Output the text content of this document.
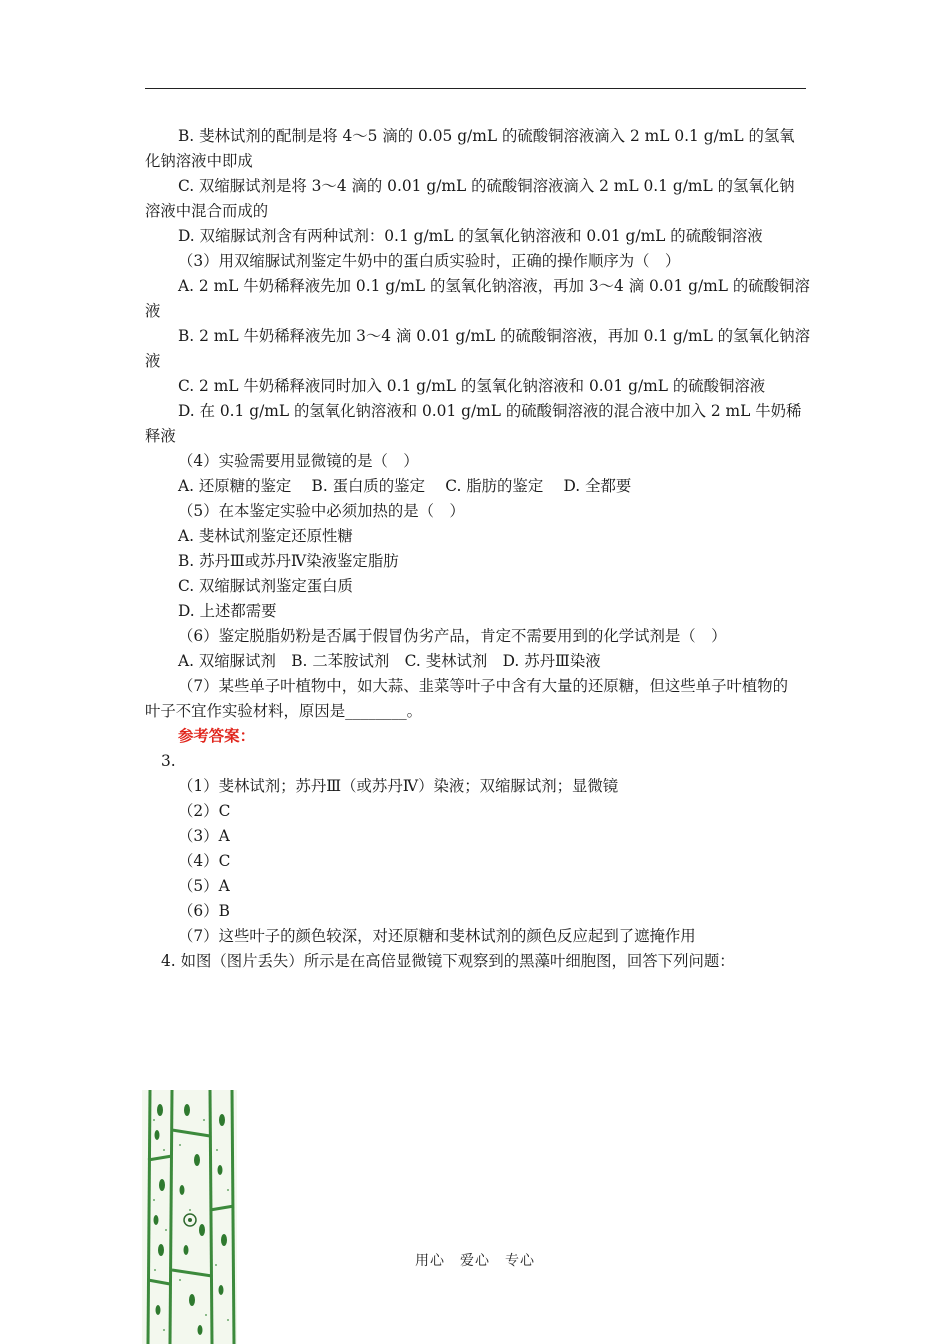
B. 斐林试剂的配制是将 4～5 滴的 0.05 g/mL 的硫酸铜溶液滴入 2 mL 0.1 g/mL 的氢氧
化钠溶液中即成
C. 双缩脲试剂是将 3～4 滴的 0.01 g/mL 的硫酸铜溶液滴入 2 mL 0.1 g/mL 的氢氧化钠
溶液中混合而成的
D. 双缩脲试剂含有两种试剂：0.1 g/mL 的氢氧化钠溶液和 0.01 g/mL 的硫酸铜溶液
（3）用双缩脲试剂鉴定牛奶中的蛋白质实验时，正确的操作顺序为（　）
A. 2 mL 牛奶稀释液先加 0.1 g/mL 的氢氧化钠溶液，再加 3～4 滴 0.01 g/mL 的硫酸铜溶
液
B. 2 mL 牛奶稀释液先加 3～4 滴 0.01 g/mL 的硫酸铜溶液，再加 0.1 g/mL 的氢氧化钠溶
液
C. 2 mL 牛奶稀释液同时加入 0.1 g/mL 的氢氧化钠溶液和 0.01 g/mL 的硫酸铜溶液
D. 在 0.1 g/mL 的氢氧化钠溶液和 0.01 g/mL 的硫酸铜溶液的混合液中加入 2 mL 牛奶稀
释液
（4）实验需要用显微镜的是（　）
A. 还原糖的鉴定　 B. 蛋白质的鉴定　 C. 脂肪的鉴定　 D. 全都要
（5）在本鉴定实验中必须加热的是（　）
A. 斐林试剂鉴定还原性糖
B. 苏丹Ⅲ或苏丹Ⅳ染液鉴定脂肪
C. 双缩脲试剂鉴定蛋白质
D. 上述都需要
（6）鉴定脱脂奶粉是否属于假冒伪劣产品，肯定不需要用到的化学试剂是（　）
A. 双缩脲试剂　B. 二苯胺试剂　C. 斐林试剂　D. 苏丹Ⅲ染液
（7）某些单子叶植物中，如大蒜、韭菜等叶子中含有大量的还原糖，但这些单子叶植物的
叶子不宜作实验材料，原因是________。
参考答案：
3.
（1）斐林试剂；苏丹Ⅲ（或苏丹Ⅳ）染液；双缩脲试剂；显微镜
（2）C
（3）A
（4）C
（5）A
（6）B
（7）这些叶子的颜色较深，对还原糖和斐林试剂的颜色反应起到了遮掩作用
4. 如图（图片丢失）所示是在高倍显微镜下观察到的黑藻叶细胞图，回答下列问题：
用心　爱心　专心
